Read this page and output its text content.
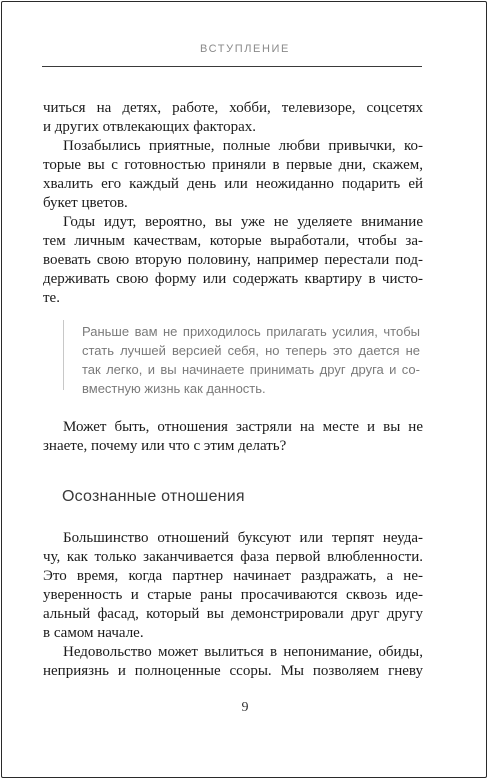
ВСТУПЛЕНИЕ

читься на детях, работе, хобби, телевизоре, соцсетях
и других отвлекающих факторах.

Позабылись приятные, полные любви привычки, ко-
торые вы с готовностью приняли в первые дни, скажем,
хвалить его каждый день или неожиданно подарить ей
букет цветов.

Годы идут, вероятно, вы уже не уделяете внимание
тем личным качествам, которые выработали, чтобы за-
воевать свою вторую половину, например перестали под-
держивать свою форму или содержать квартиру в чисто-
те.

Раньше вам не приходилось прилагать усилия, чтобы
стать лучшей версией себя, но теперь это дается не
так легко, и вы начинаете принимать друг друга и со-
вместную жизнь как данность.

Может быть, отношения застряли на месте и вы не
знаете, почему или что с этим делать?

Осознанные отношения

Большинство отношений буксуют или терпят неуда-
чу, как только заканчивается фаза первой влюбленности.
Это время, когда партнер начинает раздражать, а не-
уверенность и старые раны просачиваются сквозь иде-
альный фасад, который вы демонстрировали друг другу
в самом начале.

Недовольство может вылиться в непонимание, обиды,
неприязнь и полноценные ссоры. Мы позволяем гневу

9
